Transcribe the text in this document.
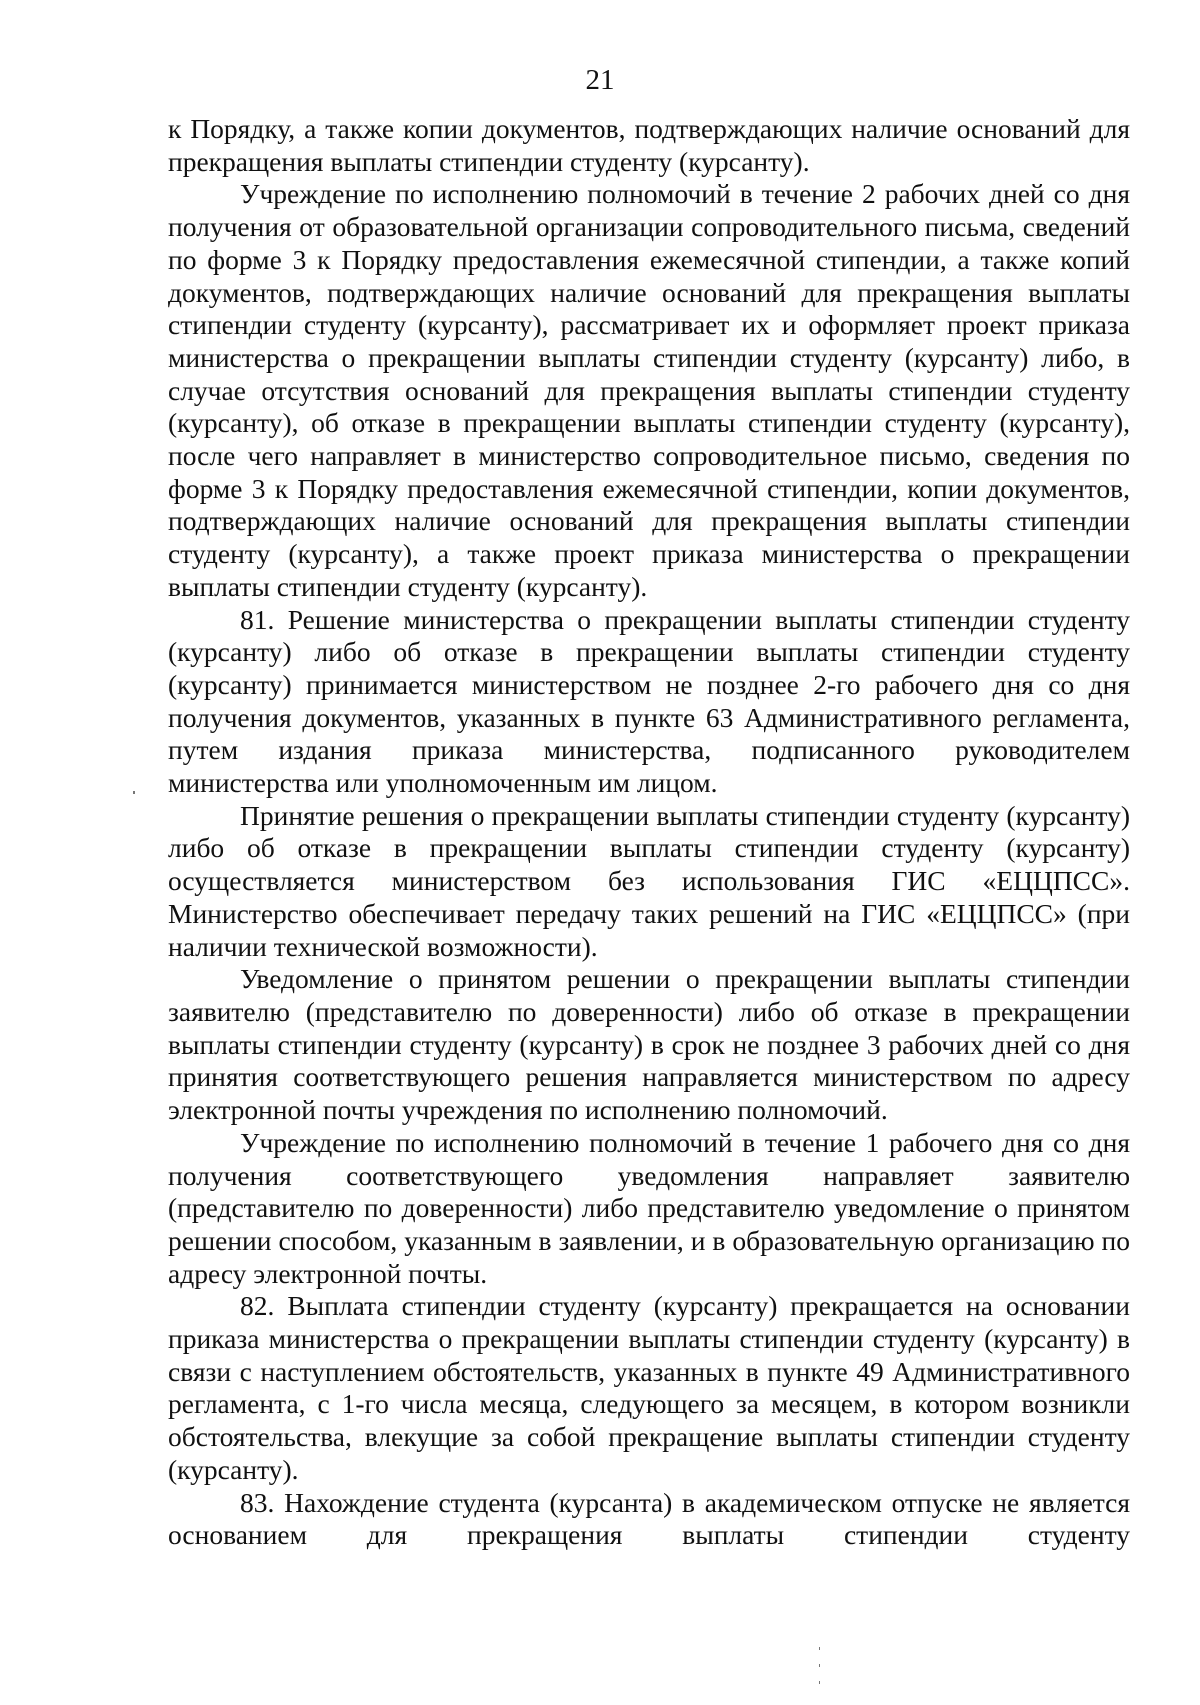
21

к Порядку, а также копии документов, подтверждающих наличие оснований для прекращения выплаты стипендии студенту (курсанту).

Учреждение по исполнению полномочий в течение 2 рабочих дней со дня получения от образовательной организации сопроводительного письма, сведений по форме 3 к Порядку предоставления ежемесячной стипендии, а также копий документов, подтверждающих наличие оснований для прекращения выплаты стипендии студенту (курсанту), рассматривает их и оформляет проект приказа министерства о прекращении выплаты стипендии студенту (курсанту) либо, в случае отсутствия оснований для прекращения выплаты стипендии студенту (курсанту), об отказе в прекращении выплаты стипендии студенту (курсанту), после чего направляет в министерство сопроводительное письмо, сведения по форме 3 к Порядку предоставления ежемесячной стипендии, копии документов, подтверждающих наличие оснований для прекращения выплаты стипендии студенту (курсанту), а также проект приказа министерства о прекращении выплаты стипендии студенту (курсанту).

81. Решение министерства о прекращении выплаты стипендии студенту (курсанту) либо об отказе в прекращении выплаты стипендии студенту (курсанту) принимается министерством не позднее 2-го рабочего дня со дня получения документов, указанных в пункте 63 Административного регламента, путем издания приказа министерства, подписанного руководителем министерства или уполномоченным им лицом.

Принятие решения о прекращении выплаты стипендии студенту (курсанту) либо об отказе в прекращении выплаты стипендии студенту (курсанту) осуществляется министерством без использования ГИС «ЕЦЦПСС». Министерство обеспечивает передачу таких решений на ГИС «ЕЦЦПСС» (при наличии технической возможности).

Уведомление о принятом решении о прекращении выплаты стипендии заявителю (представителю по доверенности) либо об отказе в прекращении выплаты стипендии студенту (курсанту) в срок не позднее 3 рабочих дней со дня принятия соответствующего решения направляется министерством по адресу электронной почты учреждения по исполнению полномочий.

Учреждение по исполнению полномочий в течение 1 рабочего дня со дня получения соответствующего уведомления направляет заявителю (представителю по доверенности) либо представителю уведомление о принятом решении способом, указанным в заявлении, и в образовательную организацию по адресу электронной почты.

82. Выплата стипендии студенту (курсанту) прекращается на основании приказа министерства о прекращении выплаты стипендии студенту (курсанту) в связи с наступлением обстоятельств, указанных в пункте 49 Административного регламента, с 1-го числа месяца, следующего за месяцем, в котором возникли обстоятельства, влекущие за собой прекращение выплаты стипендии студенту (курсанту).

83. Нахождение студента (курсанта) в академическом отпуске не является основанием для прекращения выплаты стипендии студенту
